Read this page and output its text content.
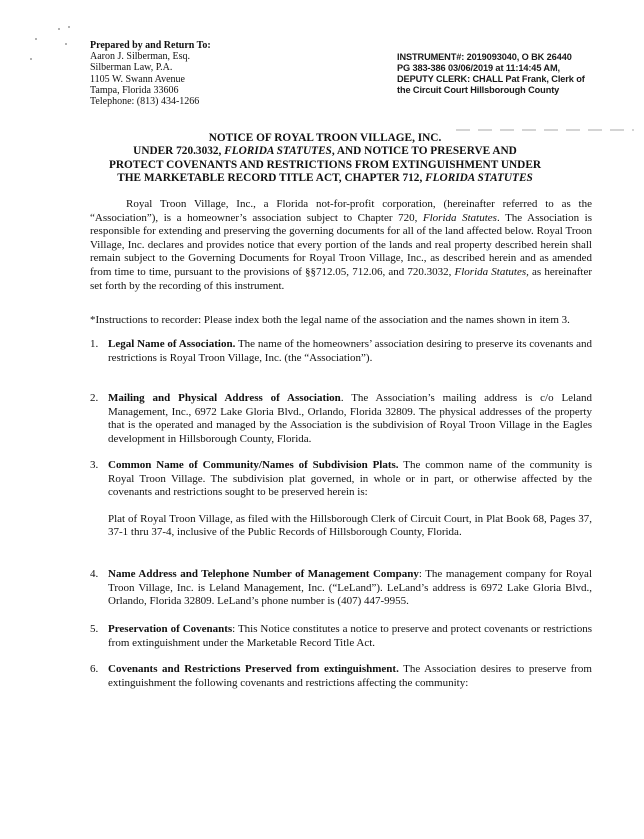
Prepared by and Return To:
Aaron J. Silberman, Esq.
Silberman Law, P.A.
1105 W. Swann Avenue
Tampa, Florida 33606
Telephone: (813) 434-1266
INSTRUMENT#: 2019093040, O BK 26440
PG 383-386 03/06/2019 at 11:14:45 AM,
DEPUTY CLERK: CHALL Pat Frank, Clerk of
the Circuit Court Hillsborough County
NOTICE OF ROYAL TROON VILLAGE, INC.
UNDER 720.3032, FLORIDA STATUTES, AND NOTICE TO PRESERVE AND
PROTECT COVENANTS AND RESTRICTIONS FROM EXTINGUISHMENT UNDER
THE MARKETABLE RECORD TITLE ACT, CHAPTER 712, FLORIDA STATUTES
Royal Troon Village, Inc., a Florida not-for-profit corporation, (hereinafter referred to as the “Association”), is a homeowner’s association subject to Chapter 720, Florida Statutes. The Association is responsible for extending and preserving the governing documents for all of the land affected below. Royal Troon Village, Inc. declares and provides notice that every portion of the lands and real property described herein shall remain subject to the Governing Documents for Royal Troon Village, Inc., as described herein and as amended from time to time, pursuant to the provisions of §§712.05, 712.06, and 720.3032, Florida Statutes, as hereinafter set forth by the recording of this instrument.
*Instructions to recorder: Please index both the legal name of the association and the names shown in item 3.
1. Legal Name of Association. The name of the homeowners’ association desiring to preserve its covenants and restrictions is Royal Troon Village, Inc. (the “Association”).
2. Mailing and Physical Address of Association. The Association’s mailing address is c/o Leland Management, Inc., 6972 Lake Gloria Blvd., Orlando, Florida 32809. The physical addresses of the property that is the operated and managed by the Association is the subdivision of Royal Troon Village in the Eagles development in Hillsborough County, Florida.
3. Common Name of Community/Names of Subdivision Plats. The common name of the community is Royal Troon Village. The subdivision plat governed, in whole or in part, or otherwise affected by the covenants and restrictions sought to be preserved herein is:
Plat of Royal Troon Village, as filed with the Hillsborough Clerk of Circuit Court, in Plat Book 68, Pages 37, 37-1 thru 37-4, inclusive of the Public Records of Hillsborough County, Florida.
4. Name Address and Telephone Number of Management Company: The management company for Royal Troon Village, Inc. is Leland Management, Inc. (“LeLand”). LeLand’s address is 6972 Lake Gloria Blvd., Orlando, Florida 32809. LeLand’s phone number is (407) 447-9955.
5. Preservation of Covenants: This Notice constitutes a notice to preserve and protect covenants or restrictions from extinguishment under the Marketable Record Title Act.
6. Covenants and Restrictions Preserved from extinguishment. The Association desires to preserve from extinguishment the following covenants and restrictions affecting the community:
